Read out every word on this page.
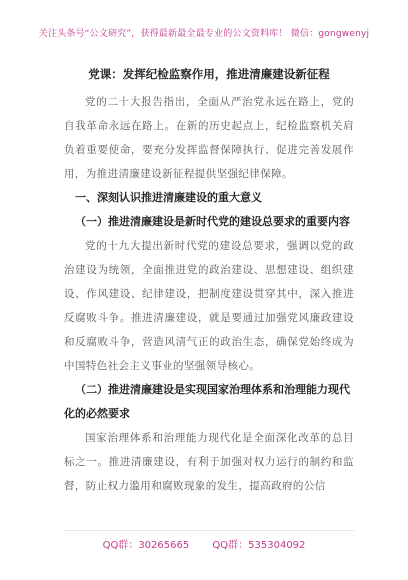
关注头条号“公文研究”，获得最新最全最专业的公文资料库！ 微信：gongwenyj
党课：发挥纪检监察作用，推进清廉建设新征程

党的二十大报告指出，全面从严治党永远在路上，党的自我革命永远在路上。在新的历史起点上，纪检监察机关肩负着重要使命，要充分发挥监督保障执行、促进完善发展作用，为推进清廉建设新征程提供坚强纪律保障。

一、深刻认识推进清廉建设的重大意义

（一）推进清廉建设是新时代党的建设总要求的重要内容

党的十九大提出新时代党的建设总要求，强调以党的政治建设为统领，全面推进党的政治建设、思想建设、组织建设、作风建设、纪律建设，把制度建设贯穿其中，深入推进反腐败斗争。推进清廉建设，就是要通过加强党风廉政建设和反腐败斗争，营造风清气正的政治生态，确保党始终成为中国特色社会主义事业的坚强领导核心。

（二）推进清廉建设是实现国家治理体系和治理能力现代化的必然要求

国家治理体系和治理能力现代化是全面深化改革的总目标之一。推进清廉建设，有利于加强对权力运行的制约和监督，防止权力滥用和腐败现象的发生，提高政府的公信

QQ群：30265665 QQ群：535304092
